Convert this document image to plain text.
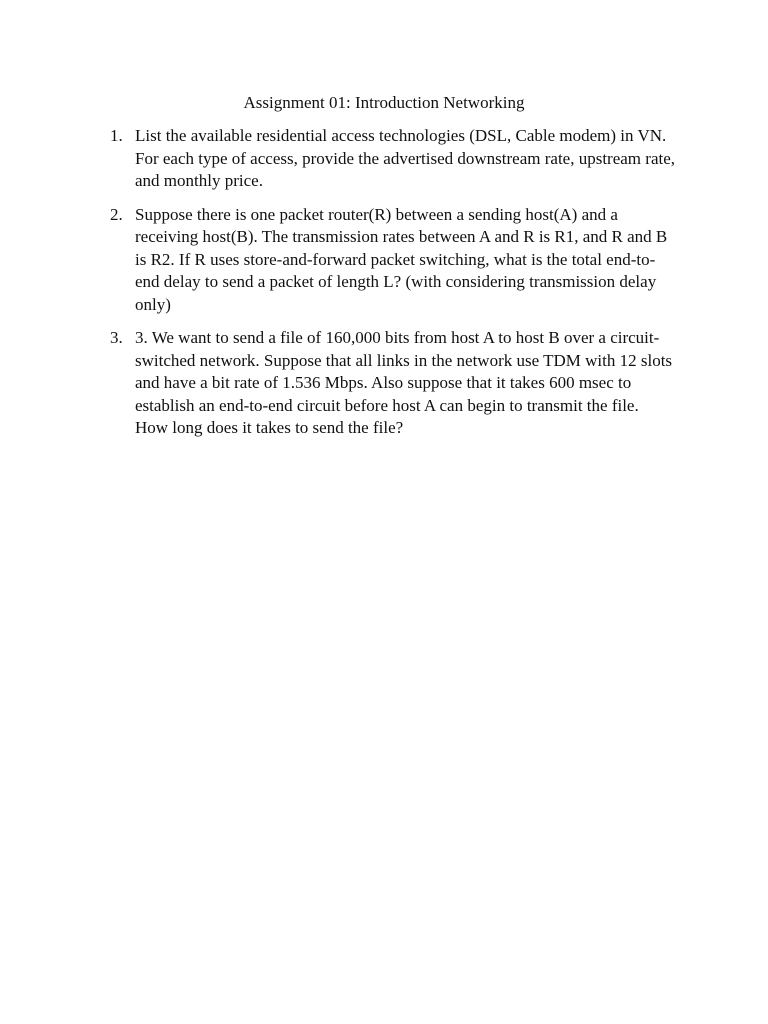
Assignment 01: Introduction Networking
1. List the available residential access technologies (DSL, Cable modem) in VN. For each type of access, provide the advertised downstream rate, upstream rate, and monthly price.
2. Suppose there is one packet router(R) between a sending host(A) and a receiving host(B). The transmission rates between A and R is R1, and R and B is R2. If R uses store-and-forward packet switching, what is the total end-to-end delay to send a packet of length L? (with considering transmission delay only)
3. 3. We want to send a file of 160,000 bits from host A to host B over a circuit-switched network. Suppose that all links in the network use TDM with 12 slots and have a bit rate of 1.536 Mbps. Also suppose that it takes 600 msec to establish an end-to-end circuit before host A can begin to transmit the file. How long does it takes to send the file?
